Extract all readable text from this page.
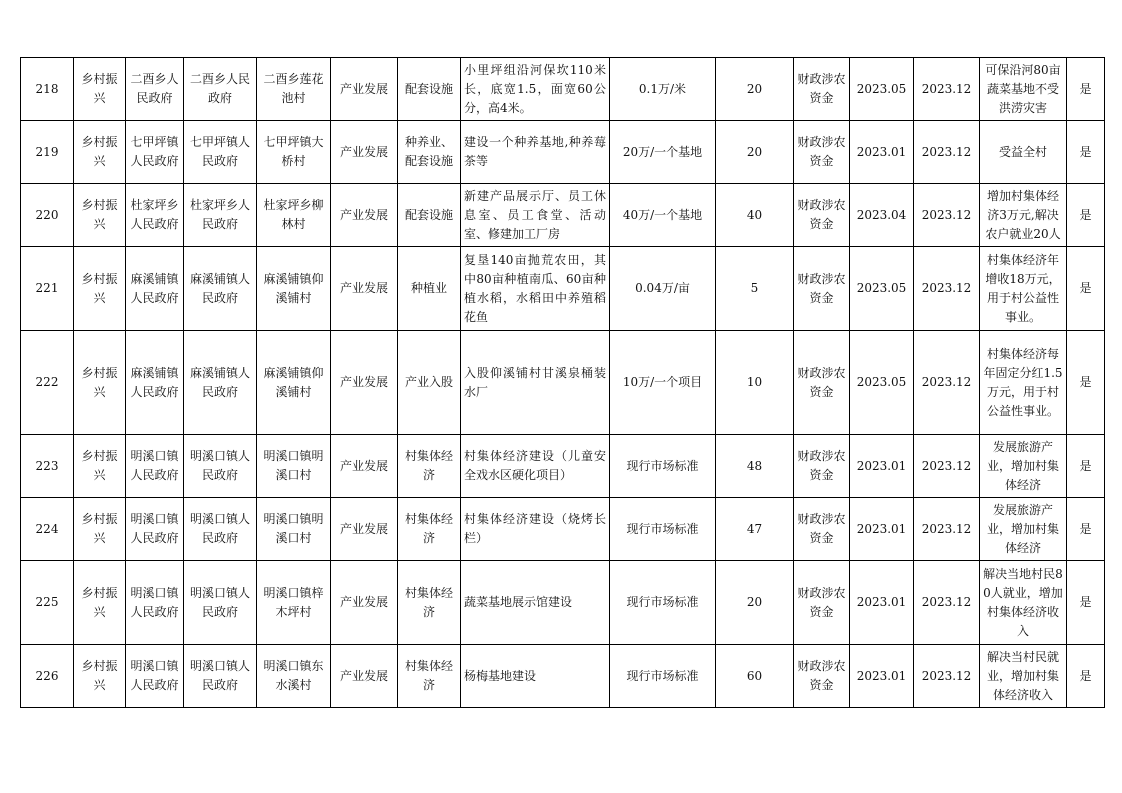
218	乡村振兴	二酉乡人民政府	二酉乡人民政府	二酉乡莲花池村	产业发展	配套设施	小里坪组沿河保坎110米长，底宽1.5，面宽60公分，高4米。	0.1万/米	20	财政涉农资金	2023.05	2023.12	可保沿河80亩蔬菜基地不受洪涝灾害	是
219	乡村振兴	七甲坪镇人民政府	七甲坪镇人民政府	七甲坪镇大桥村	产业发展	种养业、配套设施	建设一个种养基地,种养莓茶等	20万/一个基地	20	财政涉农资金	2023.01	2023.12	受益全村	是
220	乡村振兴	杜家坪乡人民政府	杜家坪乡人民政府	杜家坪乡柳林村	产业发展	配套设施	新建产品展示厅、员工休息室、员工食堂、活动室、修建加工厂房	40万/一个基地	40	财政涉农资金	2023.04	2023.12	增加村集体经济3万元,解决农户就业20人	是
221	乡村振兴	麻溪铺镇人民政府	麻溪铺镇人民政府	麻溪铺镇仰溪铺村	产业发展	种植业	复垦140亩抛荒农田，其中80亩种植南瓜、60亩种植水稻，水稻田中养殖稻花鱼	0.04万/亩	5	财政涉农资金	2023.05	2023.12	村集体经济年增收18万元，用于村公益性事业。	是
222	乡村振兴	麻溪铺镇人民政府	麻溪铺镇人民政府	麻溪铺镇仰溪铺村	产业发展	产业入股	入股仰溪铺村甘溪泉桶装水厂	10万/一个项目	10	财政涉农资金	2023.05	2023.12	村集体经济每年固定分红1.5万元，用于村公益性事业。	是
223	乡村振兴	明溪口镇人民政府	明溪口镇人民政府	明溪口镇明溪口村	产业发展	村集体经济	村集体经济建设（儿童安全戏水区硬化项目）	现行市场标准	48	财政涉农资金	2023.01	2023.12	发展旅游产业，增加村集体经济	是
224	乡村振兴	明溪口镇人民政府	明溪口镇人民政府	明溪口镇明溪口村	产业发展	村集体经济	村集体经济建设（烧烤长栏）	现行市场标准	47	财政涉农资金	2023.01	2023.12	发展旅游产业，增加村集体经济	是
225	乡村振兴	明溪口镇人民政府	明溪口镇人民政府	明溪口镇梓木坪村	产业发展	村集体经济	蔬菜基地展示馆建设	现行市场标准	20	财政涉农资金	2023.01	2023.12	解决当地村民80人就业，增加村集体经济收入	是
226	乡村振兴	明溪口镇人民政府	明溪口镇人民政府	明溪口镇东水溪村	产业发展	村集体经济	杨梅基地建设	现行市场标准	60	财政涉农资金	2023.01	2023.12	解决当村民就业，增加村集体经济收入	是
